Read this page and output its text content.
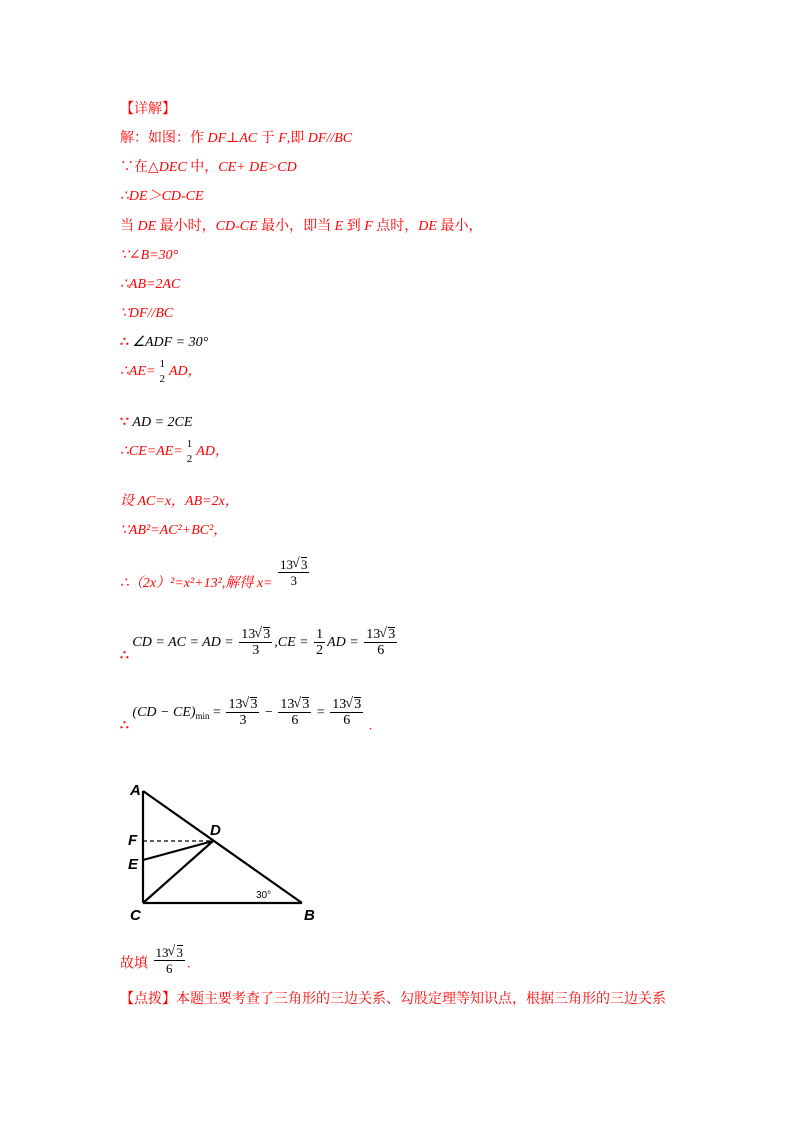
【详解】
解：如图：作 DF⊥AC 于 F,即 DF//BC
∵在△DEC 中，CE+ DE>CD
∴DE＞CD-CE
当 DE 最小时，CD-CE 最小，即当 E 到 F 点时，DE 最小，
∵∠B=30°
∴AB=2AC
∵DF//BC
∴ ∠ADF = 30°
∴AE=
1
2 AD，
∵ AD = 2CE
∴CE=AE=
1
2 AD，
设 AC=x，AB=2x，
∵AB²=AC²+BC²，
∴（2x）²=x²+13²,解得 $x= \frac{13 √ 3}{3}$
∴ CD = AC = AD = $\frac{13 √ 3}{3} ,CE = \frac{1}{2}$ AD = $\frac{13 √ 3}{6}$
∴ $(CD - CE)_{min} = \frac{13 √ 3}{3} - \frac{13 √ 3}{6} = \frac{13 √ 3}{6}$ .
A
F
D
E
C	B
30°
故填 $\frac{13 √ 3}{6}$ .
【点拨】本题主要考查了三角形的三边关系、勾股定理等知识点，根据三角形的三边关系
